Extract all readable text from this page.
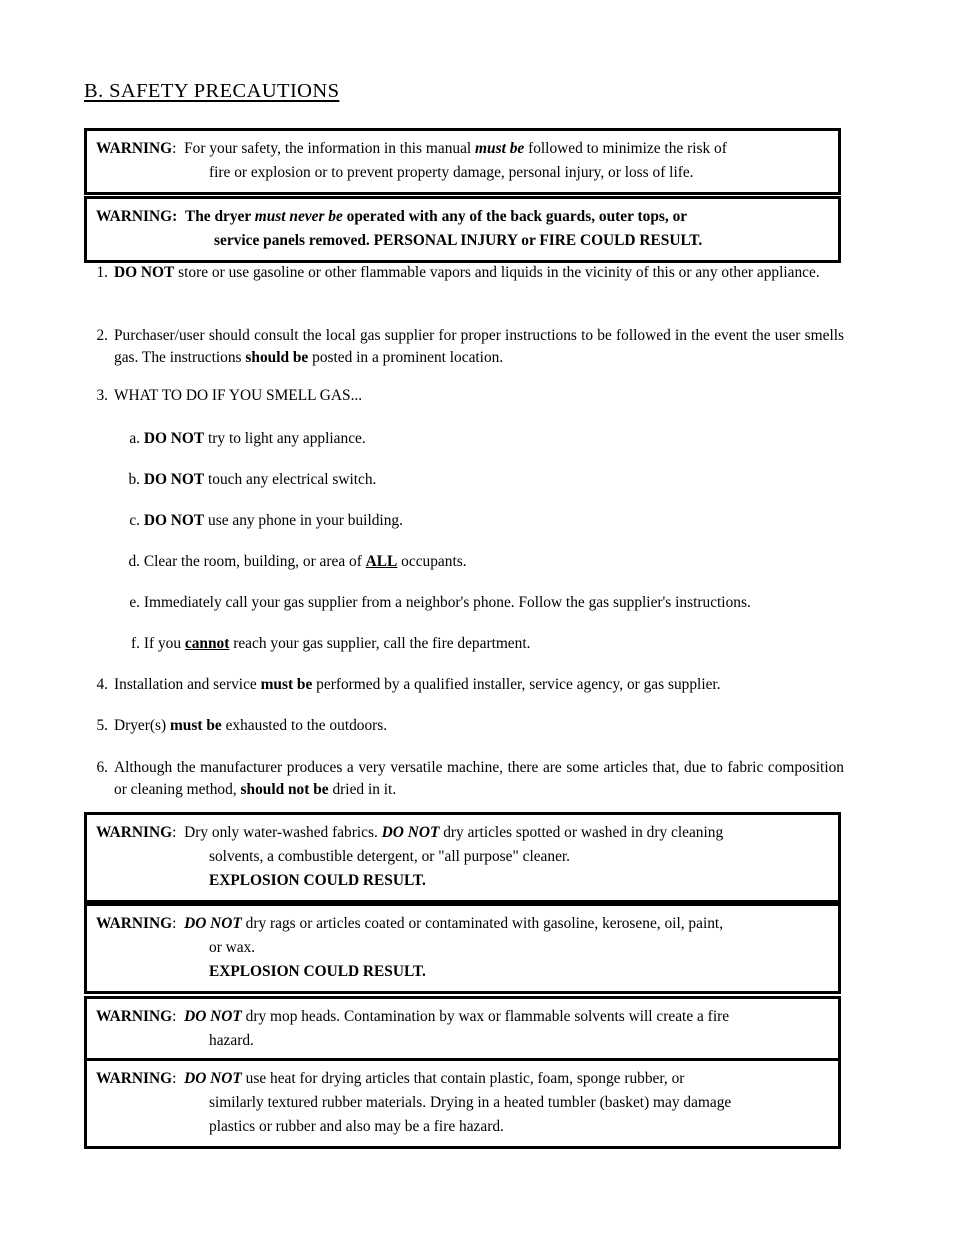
B. SAFETY PRECAUTIONS
WARNING: For your safety, the information in this manual must be followed to minimize the risk of
fire or explosion or to prevent property damage, personal injury, or loss of life.
WARNING: The dryer must never be operated with any of the back guards, outer tops, or
service panels removed. PERSONAL INJURY or FIRE COULD RESULT.
1. DO NOT store or use gasoline or other flammable vapors and liquids in the vicinity of this or any other appliance.
2. Purchaser/user should consult the local gas supplier for proper instructions to be followed in the event the user smells gas. The instructions should be posted in a prominent location.
3. WHAT TO DO IF YOU SMELL GAS...
a. DO NOT try to light any appliance.
b. DO NOT touch any electrical switch.
c. DO NOT use any phone in your building.
d. Clear the room, building, or area of ALL occupants.
e. Immediately call your gas supplier from a neighbor's phone. Follow the gas supplier's instructions.
f. If you cannot reach your gas supplier, call the fire department.
4. Installation and service must be performed by a qualified installer, service agency, or gas supplier.
5. Dryer(s) must be exhausted to the outdoors.
6. Although the manufacturer produces a very versatile machine, there are some articles that, due to fabric composition or cleaning method, should not be dried in it.
WARNING: Dry only water-washed fabrics. DO NOT dry articles spotted or washed in dry cleaning
solvents, a combustible detergent, or "all purpose" cleaner.
EXPLOSION COULD RESULT.
WARNING: DO NOT dry rags or articles coated or contaminated with gasoline, kerosene, oil, paint,
or wax.
EXPLOSION COULD RESULT.
WARNING: DO NOT dry mop heads. Contamination by wax or flammable solvents will create a fire
hazard.
WARNING: DO NOT use heat for drying articles that contain plastic, foam, sponge rubber, or
similarly textured rubber materials. Drying in a heated tumbler (basket) may damage
plastics or rubber and also may be a fire hazard.
